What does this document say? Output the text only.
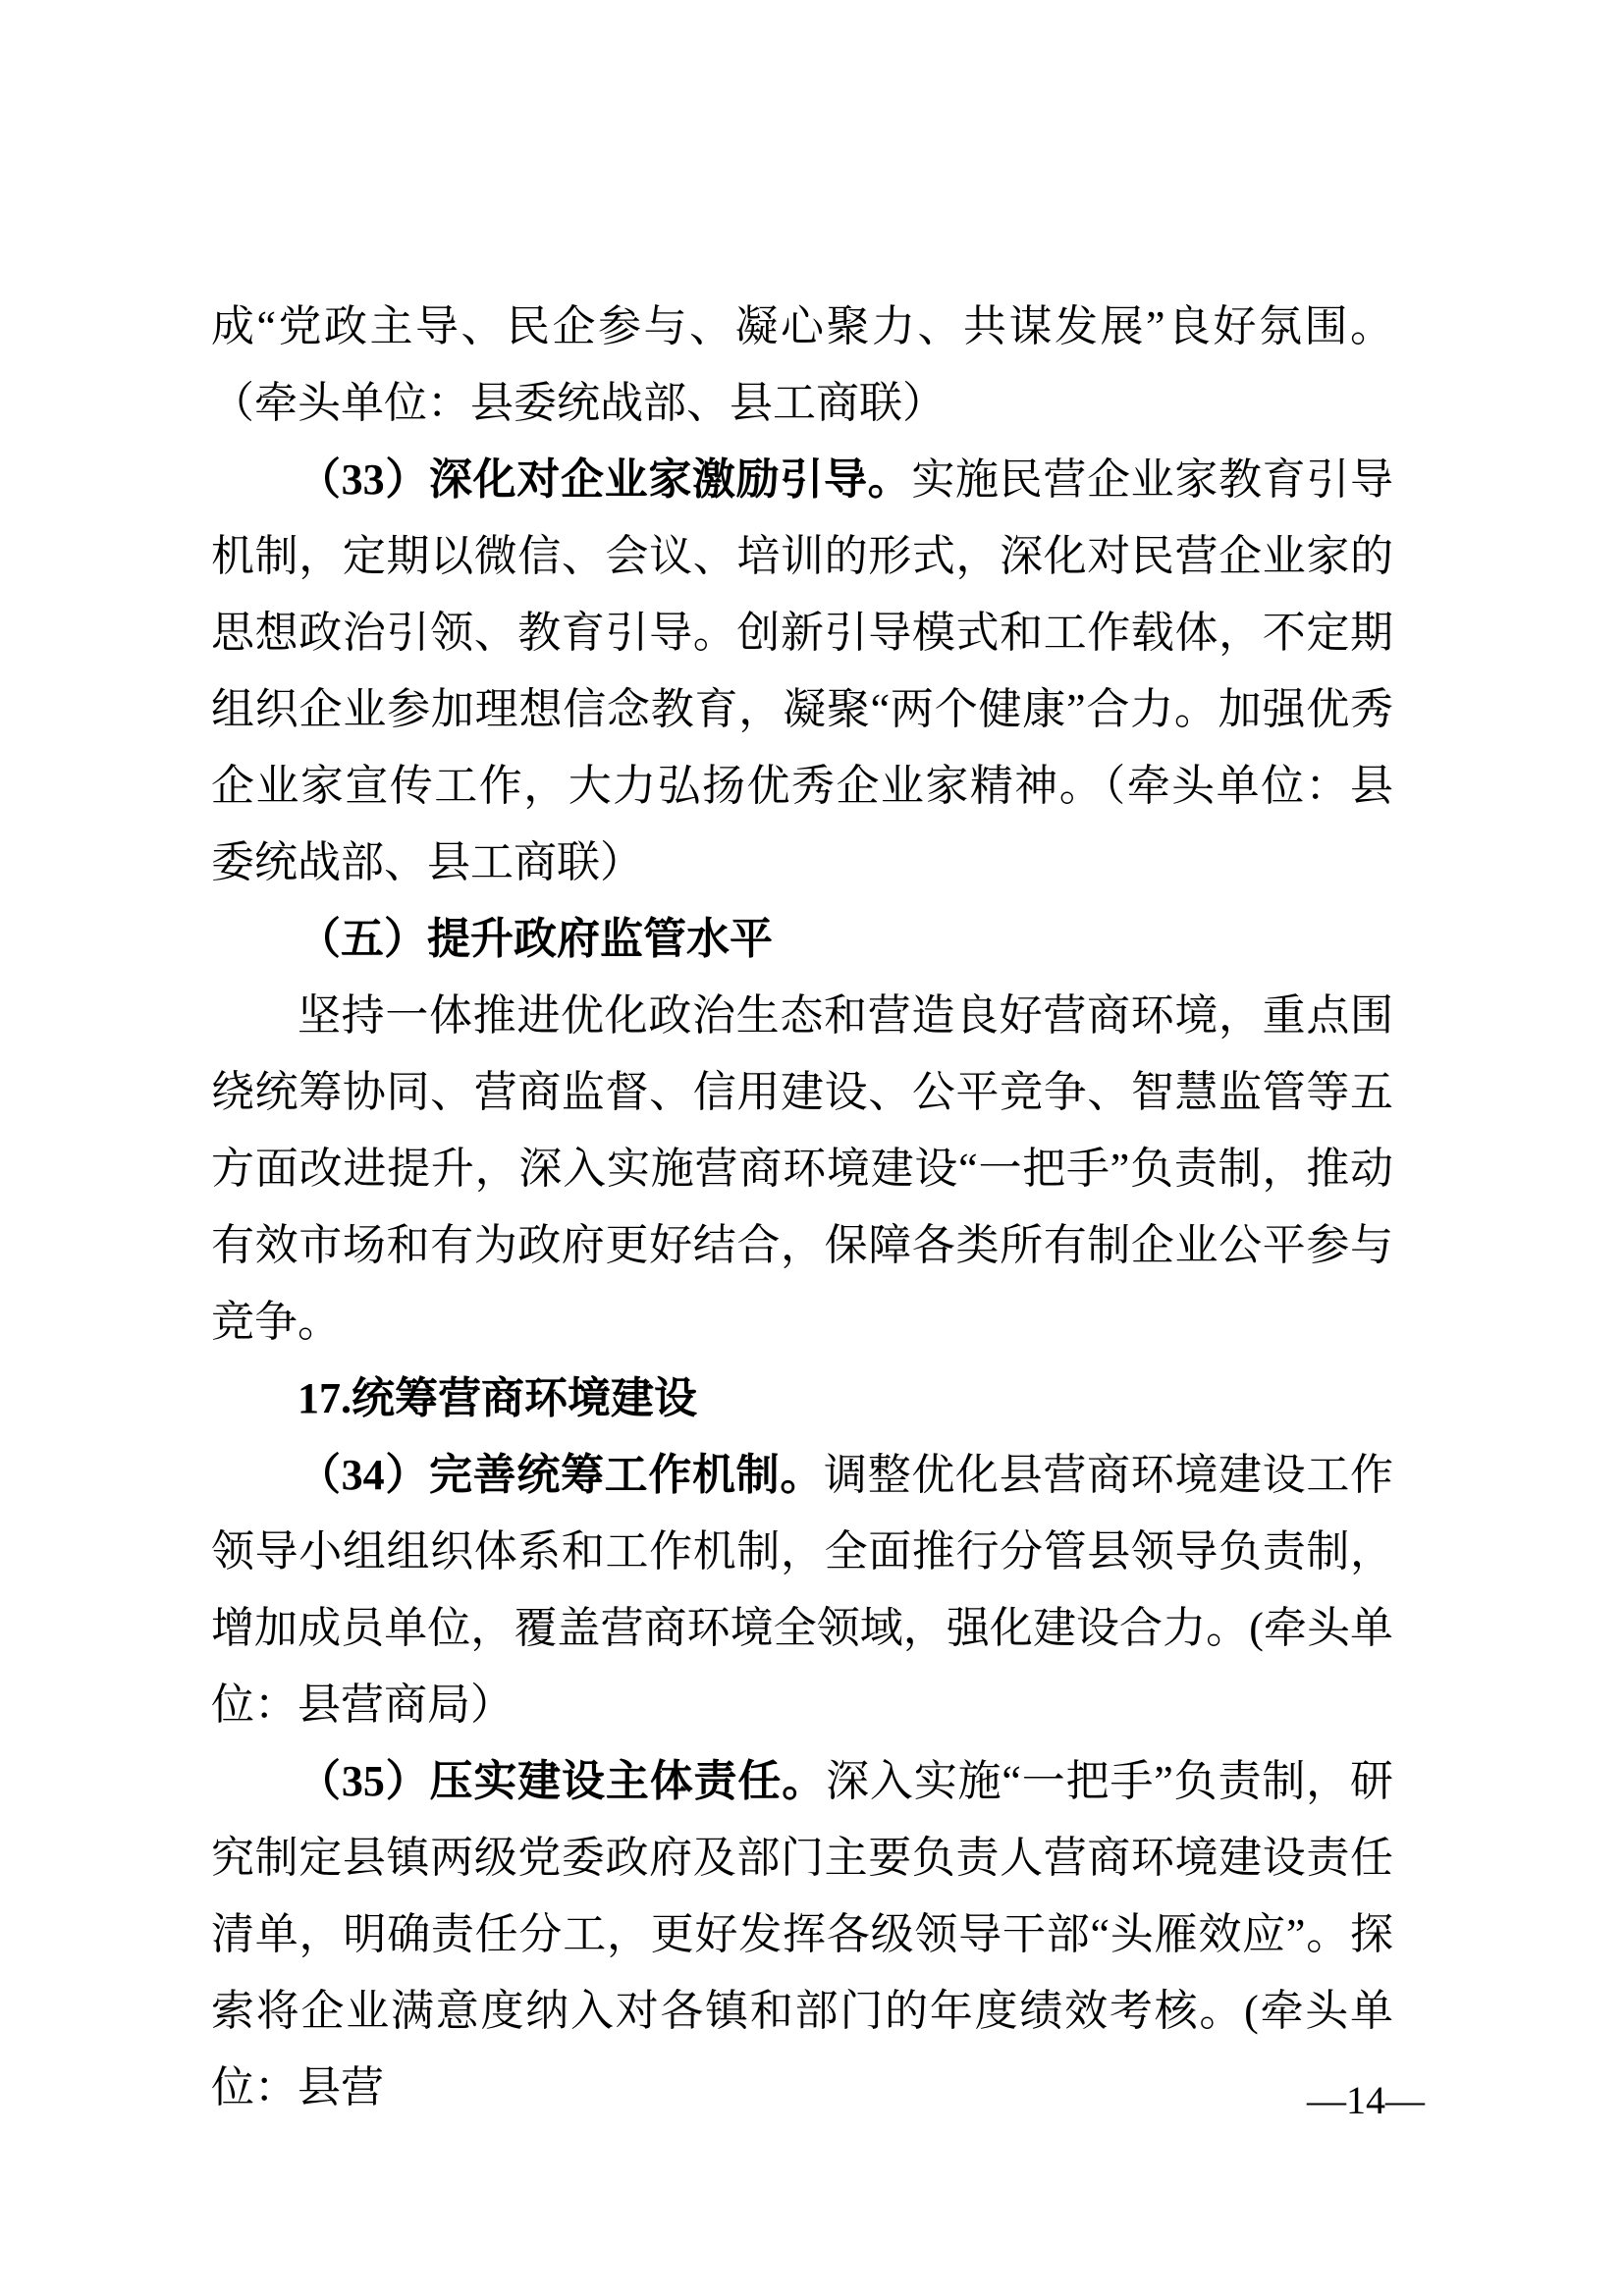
成“党政主导、民企参与、凝心聚力、共谋发展”良好氛围。（牵头单位：县委统战部、县工商联）

（33）深化对企业家激励引导。实施民营企业家教育引导机制，定期以微信、会议、培训的形式，深化对民营企业家的思想政治引领、教育引导。创新引导模式和工作载体，不定期组织企业参加理想信念教育，凝聚“两个健康”合力。加强优秀企业家宣传工作，大力弘扬优秀企业家精神。（牵头单位：县委统战部、县工商联）

（五）提升政府监管水平

坚持一体推进优化政治生态和营造良好营商环境，重点围绕统筹协同、营商监督、信用建设、公平竞争、智慧监管等五方面改进提升，深入实施营商环境建设“一把手”负责制，推动有效市场和有为政府更好结合，保障各类所有制企业公平参与竞争。

17.统筹营商环境建设

（34）完善统筹工作机制。调整优化县营商环境建设工作领导小组组织体系和工作机制，全面推行分管县领导负责制，增加成员单位，覆盖营商环境全领域，强化建设合力。(牵头单位：县营商局）

（35）压实建设主体责任。深入实施“一把手”负责制，研究制定县镇两级党委政府及部门主要负责人营商环境建设责任清单，明确责任分工，更好发挥各级领导干部“头雁效应”。探索将企业满意度纳入对各镇和部门的年度绩效考核。(牵头单位：县营	—14—
